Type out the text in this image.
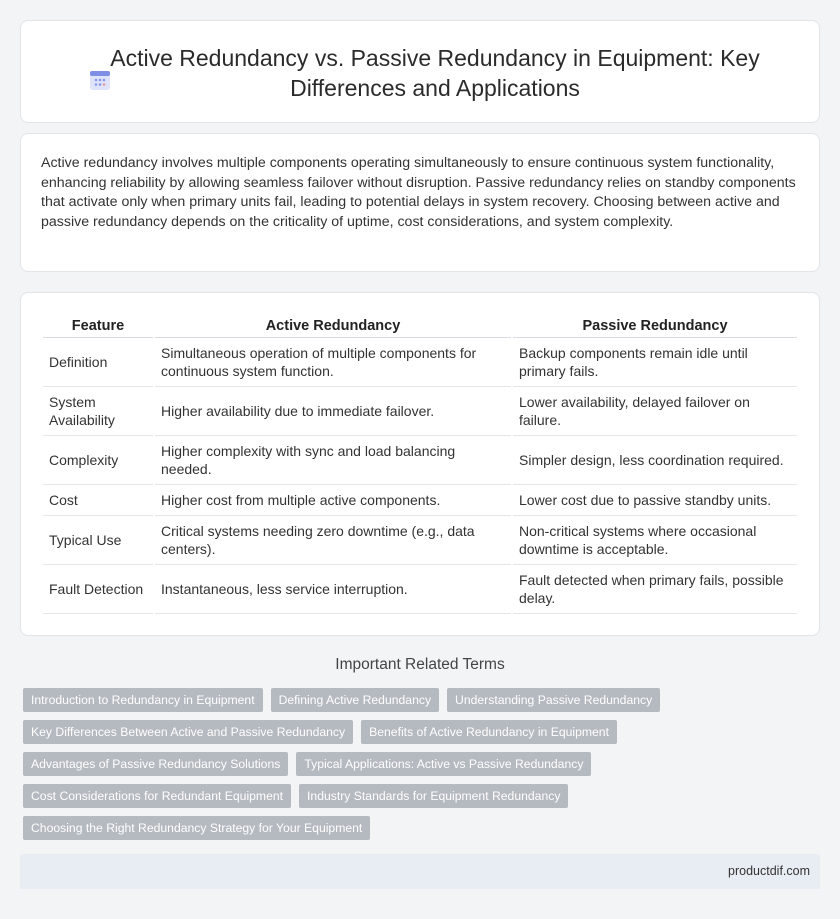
Active Redundancy vs. Passive Redundancy in Equipment: Key Differences and Applications

Active redundancy involves multiple components operating simultaneously to ensure continuous system functionality, enhancing reliability by allowing seamless failover without disruption. Passive redundancy relies on standby components that activate only when primary units fail, leading to potential delays in system recovery. Choosing between active and passive redundancy depends on the criticality of uptime, cost considerations, and system complexity.

Feature	Active Redundancy	Passive Redundancy
Definition	Simultaneous operation of multiple components for continuous system function.	Backup components remain idle until primary fails.
System Availability	Higher availability due to immediate failover.	Lower availability, delayed failover on failure.
Complexity	Higher complexity with sync and load balancing needed.	Simpler design, less coordination required.
Cost	Higher cost from multiple active components.	Lower cost due to passive standby units.
Typical Use	Critical systems needing zero downtime (e.g., data centers).	Non-critical systems where occasional downtime is acceptable.
Fault Detection	Instantaneous, less service interruption.	Fault detected when primary fails, possible delay.
Important Related Terms
Introduction to Redundancy in Equipment	Defining Active Redundancy	Understanding Passive Redundancy
Key Differences Between Active and Passive Redundancy	Benefits of Active Redundancy in Equipment
Advantages of Passive Redundancy Solutions	Typical Applications: Active vs Passive Redundancy
Cost Considerations for Redundant Equipment	Industry Standards for Equipment Redundancy
Choosing the Right Redundancy Strategy for Your Equipment
productdif.com
